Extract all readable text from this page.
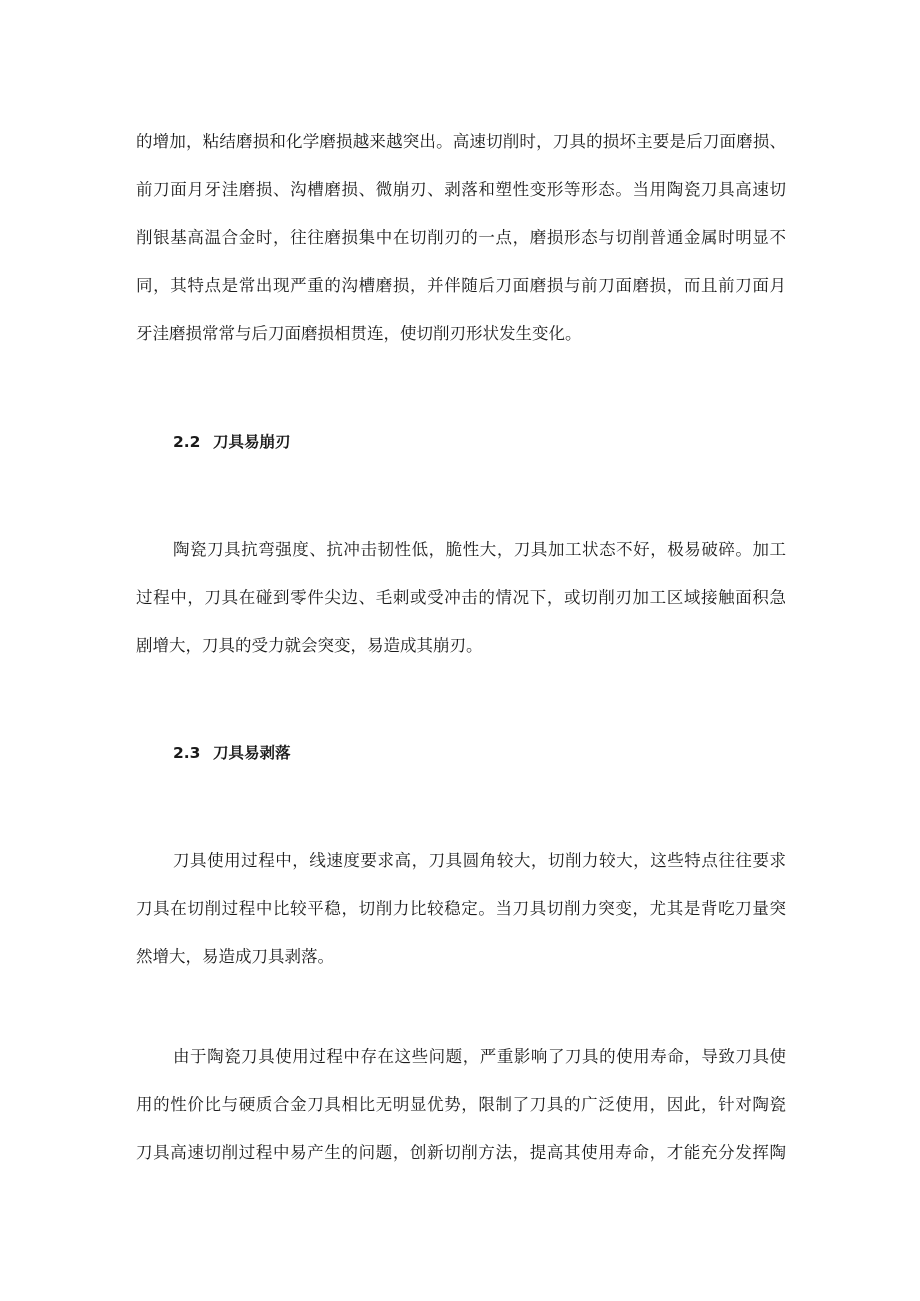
的增加，粘结磨损和化学磨损越来越突出。高速切削时，刀具的损坏主要是后刀面磨损、
前刀面月牙洼磨损、沟槽磨损、微崩刃、剥落和塑性变形等形态。当用陶瓷刀具高速切
削银基高温合金时，往往磨损集中在切削刃的一点，磨损形态与切削普通金属时明显不
同，其特点是常出现严重的沟槽磨损，并伴随后刀面磨损与前刀面磨损，而且前刀面月
牙洼磨损常常与后刀面磨损相贯连，使切削刃形状发生变化。
2.2 刀具易崩刃
陶瓷刀具抗弯强度、抗冲击韧性低，脆性大，刀具加工状态不好，极易破碎。加工
过程中，刀具在碰到零件尖边、毛刺或受冲击的情况下，或切削刃加工区域接触面积急
剧增大，刀具的受力就会突变，易造成其崩刃。
2.3 刀具易剥落
刀具使用过程中，线速度要求高，刀具圆角较大，切削力较大，这些特点往往要求
刀具在切削过程中比较平稳，切削力比较稳定。当刀具切削力突变，尤其是背吃刀量突
然增大，易造成刀具剥落。
由于陶瓷刀具使用过程中存在这些问题，严重影响了刀具的使用寿命，导致刀具使
用的性价比与硬质合金刀具相比无明显优势，限制了刀具的广泛使用，因此，针对陶瓷
刀具高速切削过程中易产生的问题，创新切削方法，提高其使用寿命，才能充分发挥陶
